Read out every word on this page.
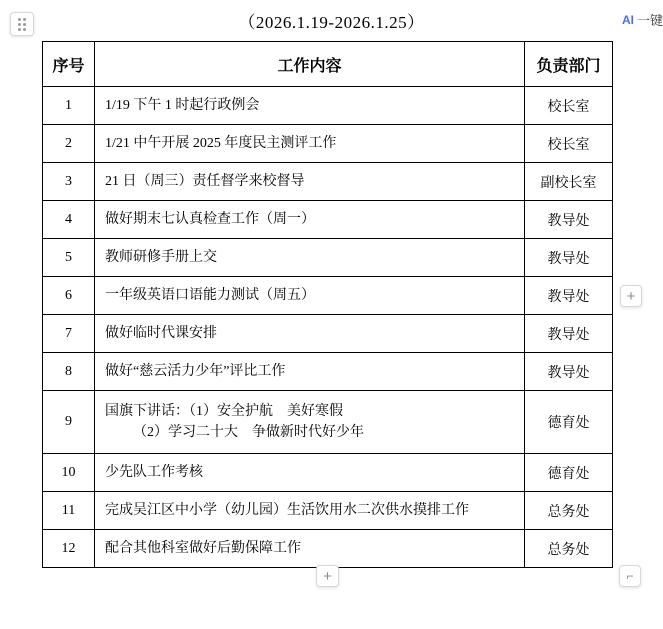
AI 一键
（2026.1.19-2026.1.25）
序号	工作内容	负责部门
1	1/19 下午 1 时起行政例会	校长室
2	1/21 中午开展 2025 年度民主测评工作	校长室
3	21 日（周三）责任督学来校督导	副校长室
4	做好期末七认真检查工作（周一）	教导处
5	教师研修手册上交	教导处
6	一年级英语口语能力测试（周五）	教导处
7	做好临时代课安排	教导处
8	做好“慈云活力少年”评比工作	教导处
9	国旗下讲话：（1）安全护航　美好寒假
（2）学习二十大　争做新时代好少年	德育处
10	少先队工作考核	德育处
11	完成吴江区中小学（幼儿园）生活饮用水二次供水摸排工作	总务处
12	配合其他科室做好后勤保障工作	总务处
+
+	⌐
